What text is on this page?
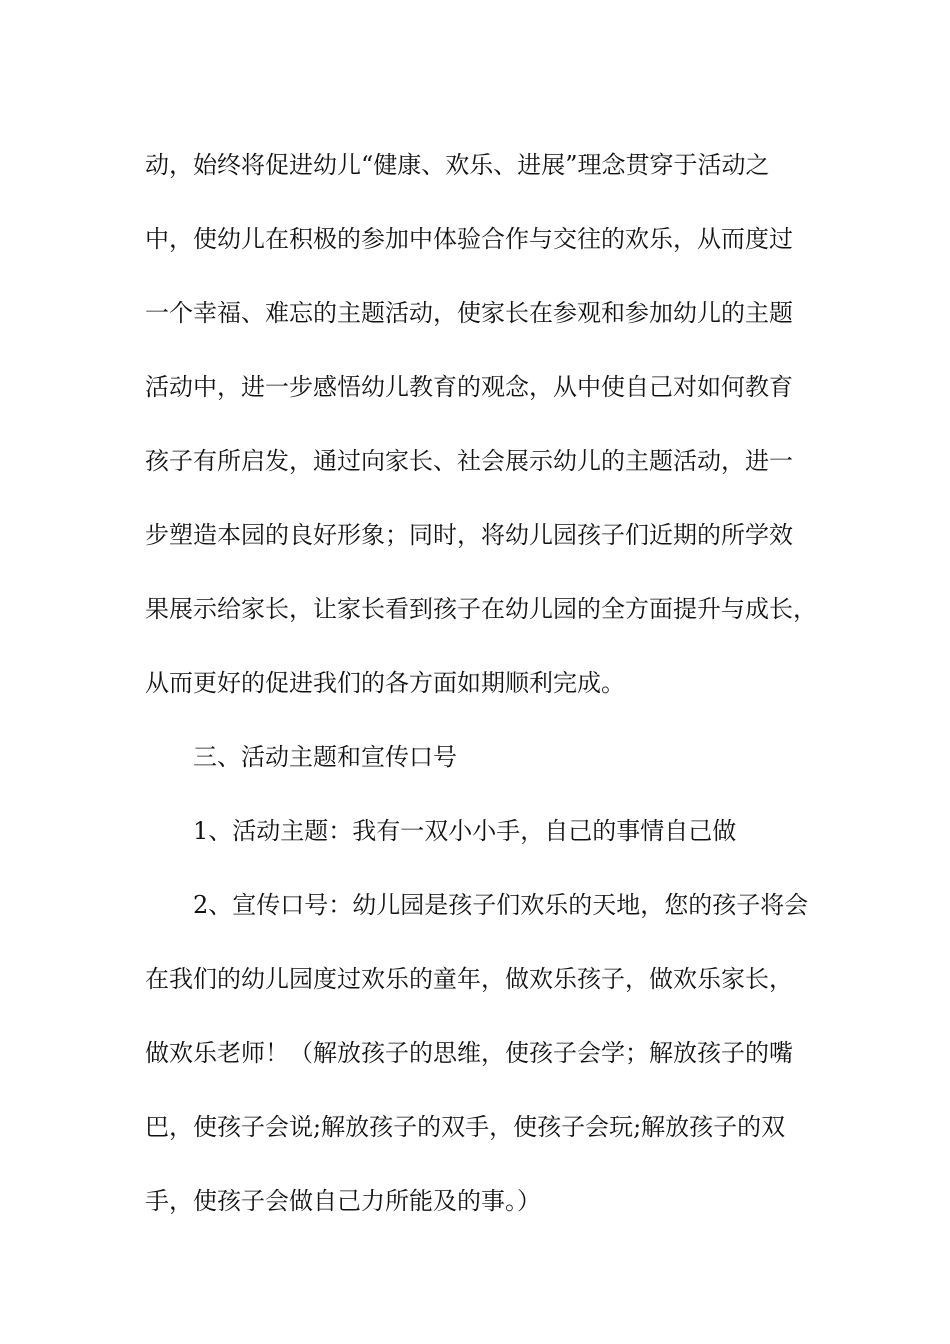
动，始终将促进幼儿“健康、欢乐、进展”理念贯穿于活动之
中，使幼儿在积极的参加中体验合作与交往的欢乐，从而度过
一个幸福、难忘的主题活动，使家长在参观和参加幼儿的主题
活动中，进一步感悟幼儿教育的观念，从中使自己对如何教育
孩子有所启发，通过向家长、社会展示幼儿的主题活动，进一
步塑造本园的良好形象；同时，将幼儿园孩子们近期的所学效
果展示给家长，让家长看到孩子在幼儿园的全方面提升与成长，
从而更好的促进我们的各方面如期顺利完成。
三、活动主题和宣传口号
1、活动主题：我有一双小小手，自己的事情自己做
2、宣传口号：幼儿园是孩子们欢乐的天地，您的孩子将会
在我们的幼儿园度过欢乐的童年，做欢乐孩子，做欢乐家长，
做欢乐老师！（解放孩子的思维，使孩子会学；解放孩子的嘴
巴，使孩子会说;解放孩子的双手，使孩子会玩;解放孩子的双
手，使孩子会做自己力所能及的事。）
